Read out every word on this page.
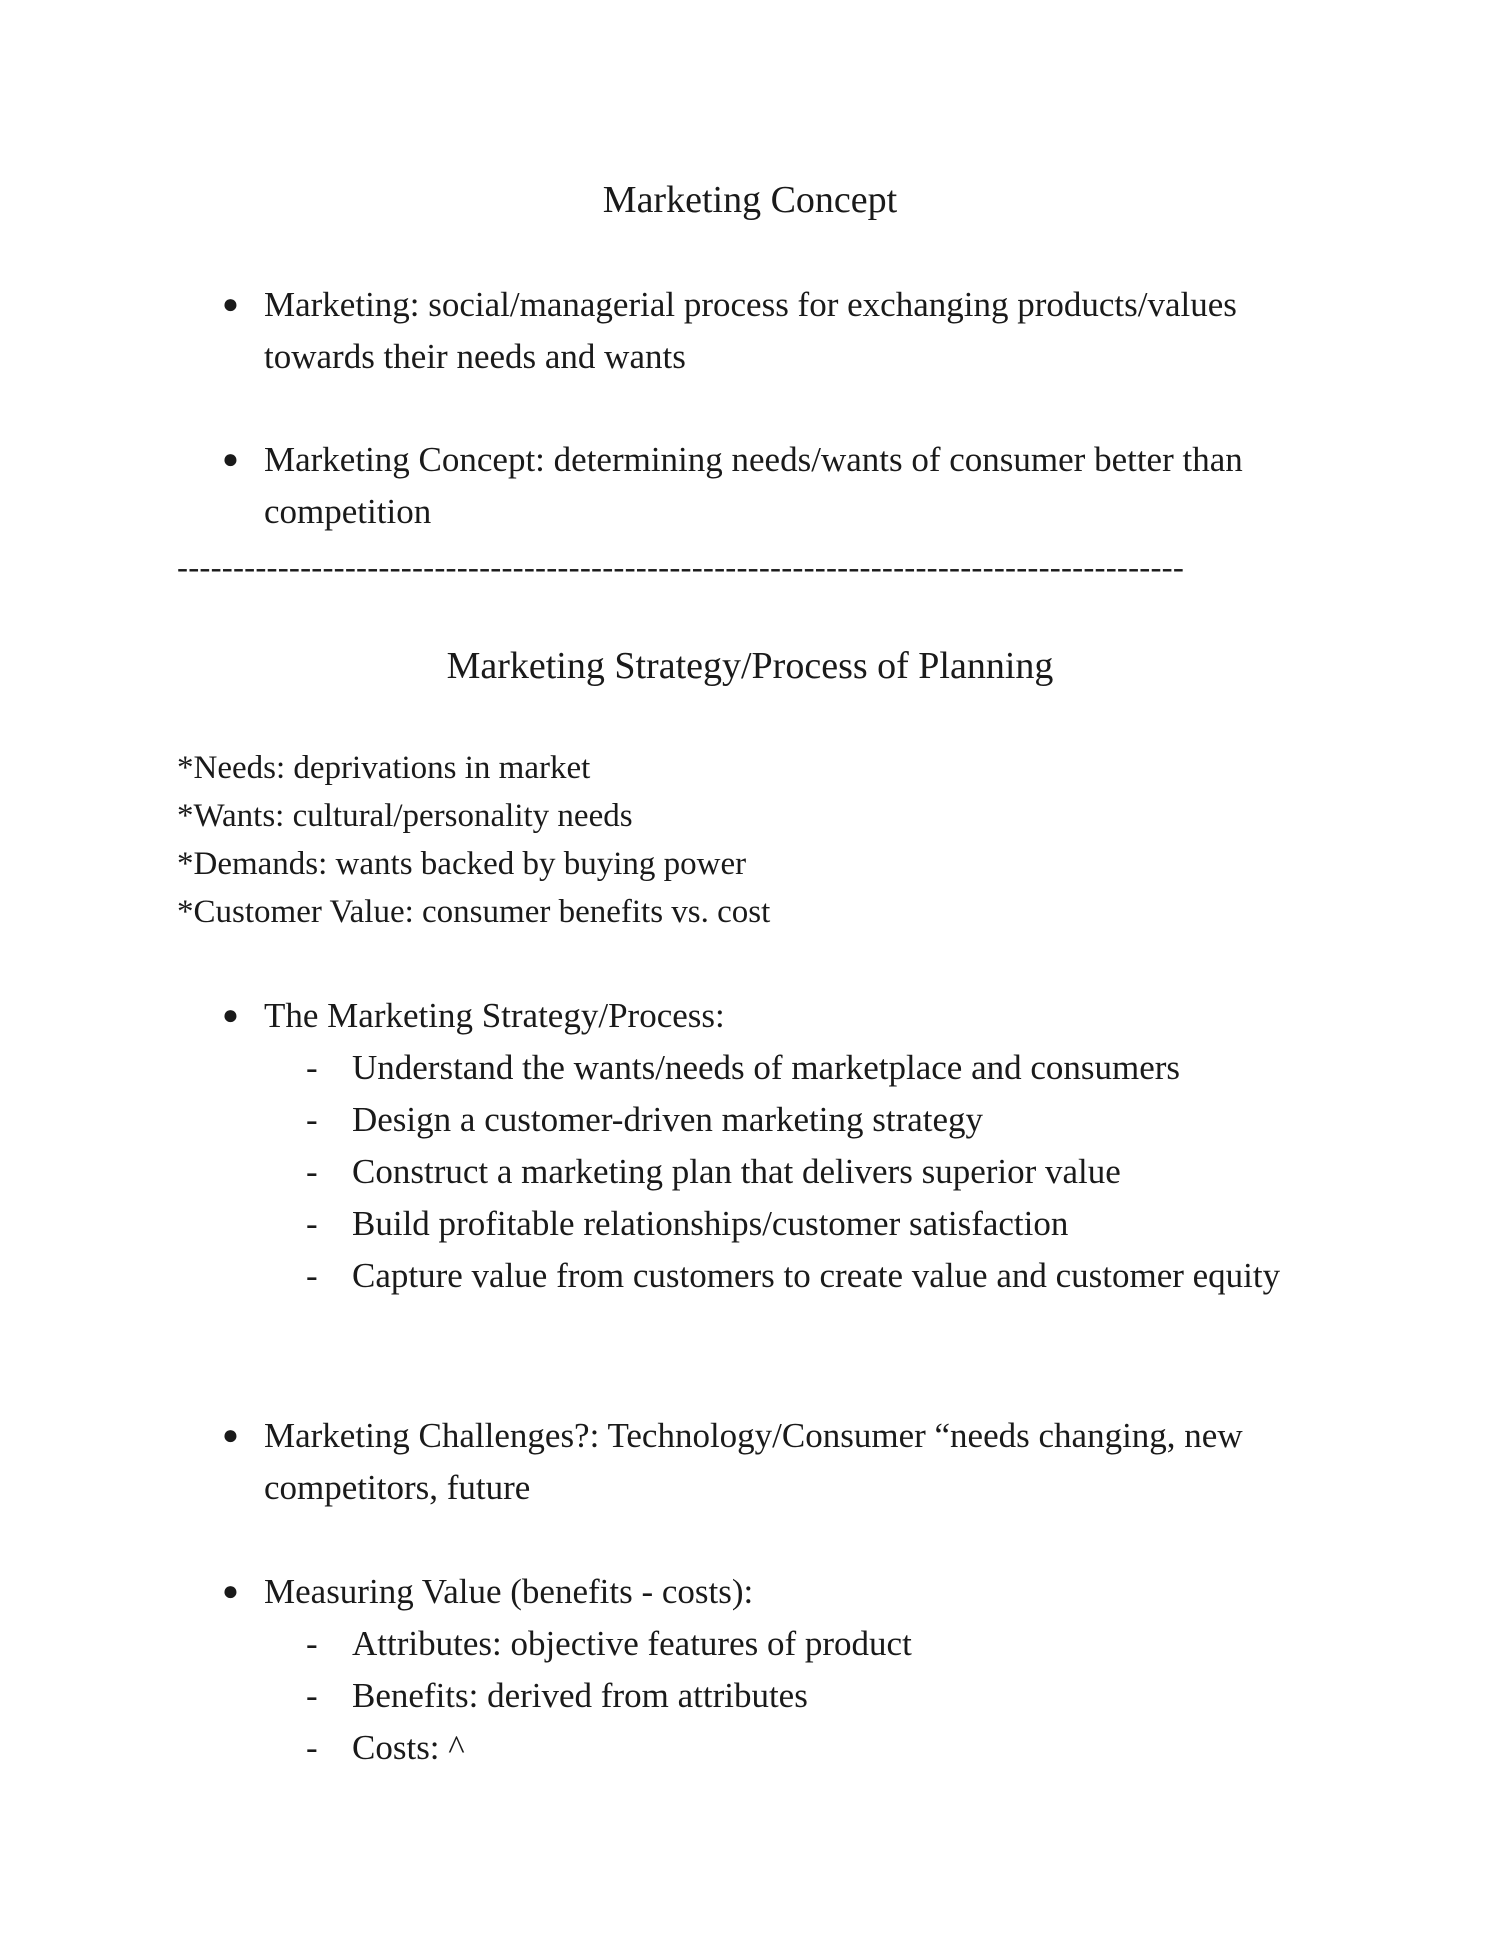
Marketing Concept
● Marketing: social/managerial process for exchanging products/values towards their needs and wants
● Marketing Concept: determining needs/wants of consumer better than competition
------------------------------------------------------------------------------------------
Marketing Strategy/Process of Planning
*Needs: deprivations in market
*Wants: cultural/personality needs
*Demands: wants backed by buying power
*Customer Value: consumer benefits vs. cost
● The Marketing Strategy/Process:
- Understand the wants/needs of marketplace and consumers
- Design a customer-driven marketing strategy
- Construct a marketing plan that delivers superior value
- Build profitable relationships/customer satisfaction
- Capture value from customers to create value and customer equity
● Marketing Challenges?: Technology/Consumer “needs changing, new competitors, future
● Measuring Value (benefits - costs):
- Attributes: objective features of product
- Benefits: derived from attributes
- Costs: ^
